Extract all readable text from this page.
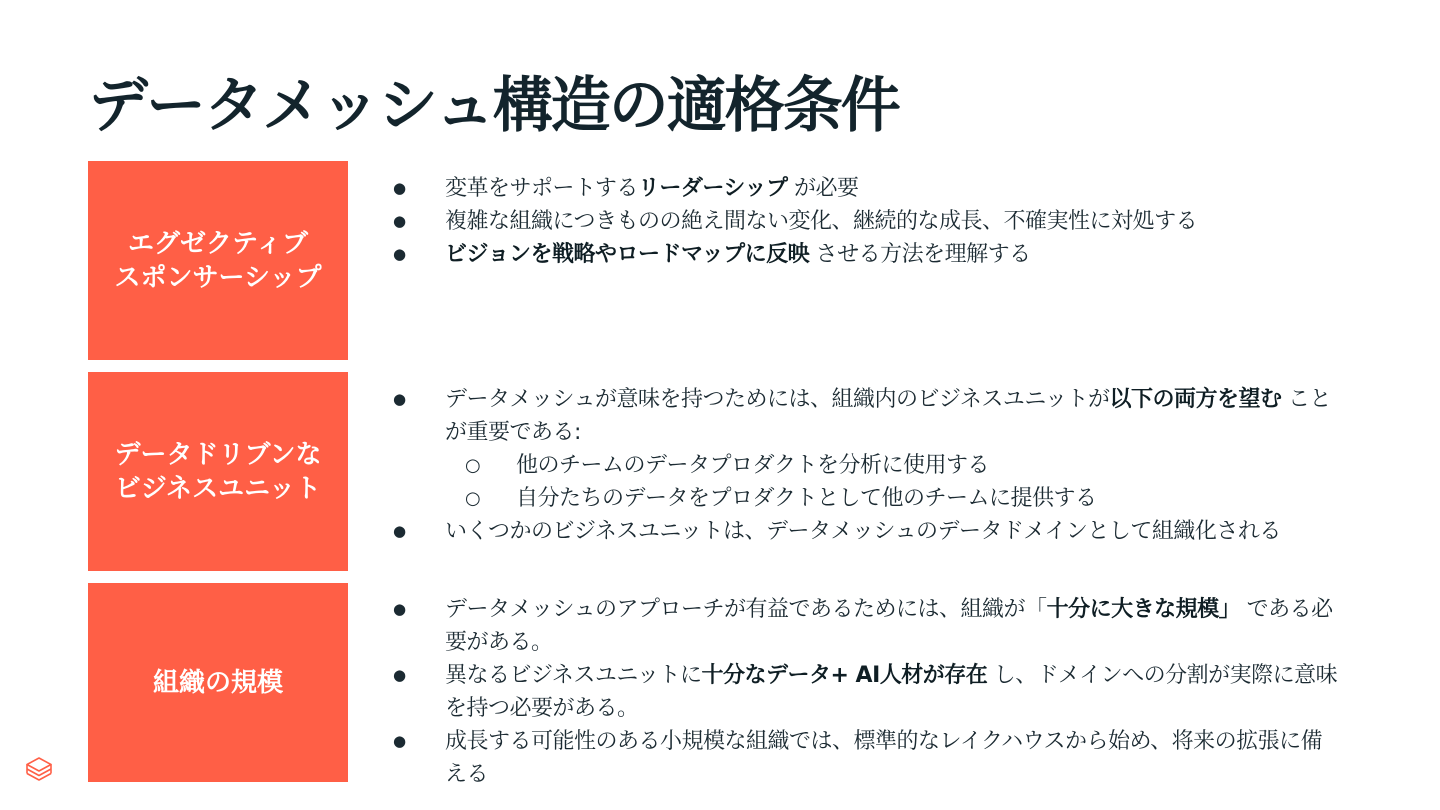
データメッシュ構造の適格条件
エグゼクティブ
スポンサーシップ
● 変革をサポートするリーダーシップ が必要
● 複雑な組織につきものの絶え間ない変化、継続的な成長、不確実性に対処する
● ビジョンを戦略やロードマップに反映 させる方法を理解する
データドリブンな
ビジネスユニット
● データメッシュが意味を持つためには、組織内のビジネスユニットが以下の両方を望む ことが重要である:
○ 他のチームのデータプロダクトを分析に使用する
○ 自分たちのデータをプロダクトとして他のチームに提供する
● いくつかのビジネスユニットは、データメッシュのデータドメインとして組織化される
組織の規模
● データメッシュのアプローチが有益であるためには、組織が「十分に大きな規模」 である必要がある。
● 異なるビジネスユニットに十分なデータ+ AI人材が存在 し、ドメインへの分割が実際に意味を持つ必要がある。
● 成長する可能性のある小規模な組織では、標準的なレイクハウスから始め、将来の拡張に備える
